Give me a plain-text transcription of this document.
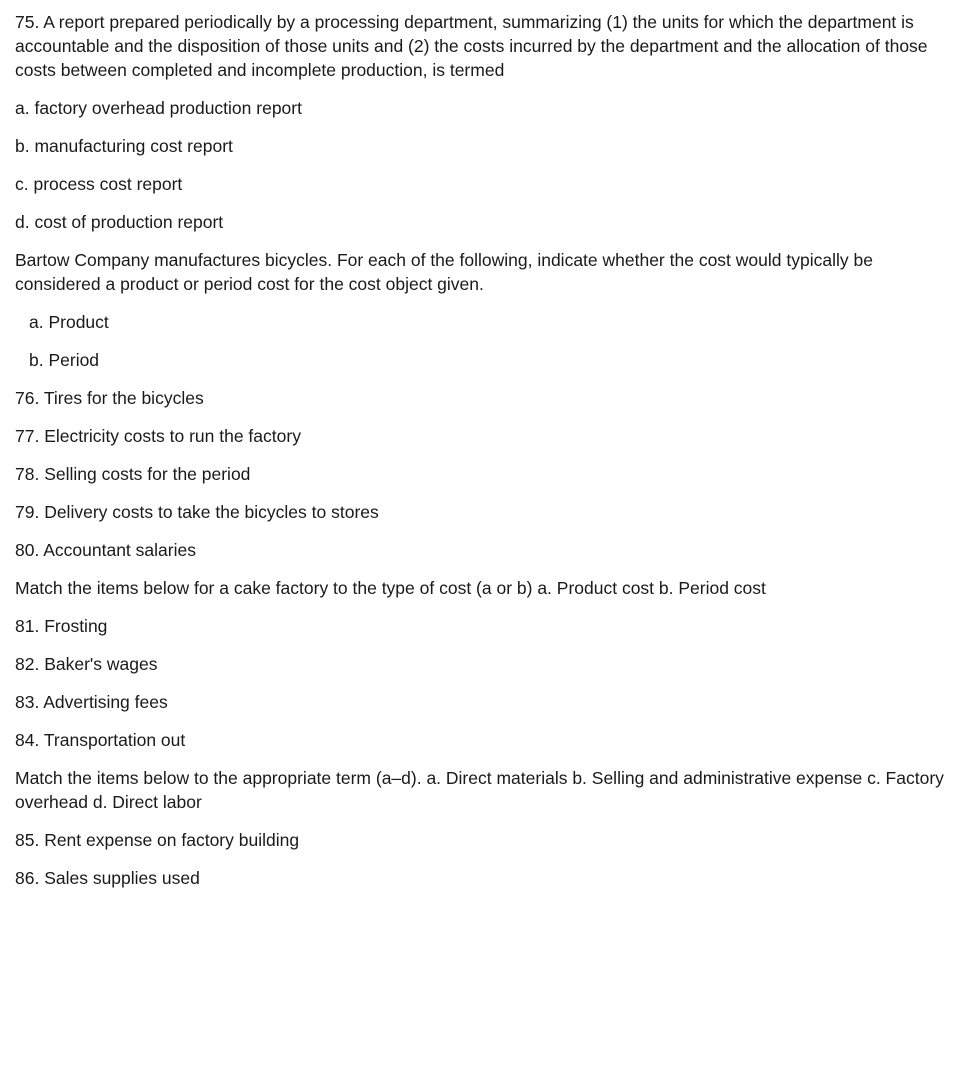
75. A report prepared periodically by a processing department, summarizing (1) the units for which the department is accountable and the disposition of those units and (2) the costs incurred by the department and the allocation of those costs between completed and incomplete production, is termed

a. factory overhead production report

b. manufacturing cost report

c. process cost report

d. cost of production report

Bartow Company manufactures bicycles. For each of the following, indicate whether the cost would typically be considered a product or period cost for the cost object given.

a. Product

b. Period

76. Tires for the bicycles

77. Electricity costs to run the factory

78. Selling costs for the period

79. Delivery costs to take the bicycles to stores

80. Accountant salaries

Match the items below for a cake factory to the type of cost (a or b) a. Product cost b. Period cost

81. Frosting

82. Baker's wages

83. Advertising fees

84. Transportation out

Match the items below to the appropriate term (a–d). a. Direct materials b. Selling and administrative expense c. Factory overhead d. Direct labor

85. Rent expense on factory building

86. Sales supplies used
